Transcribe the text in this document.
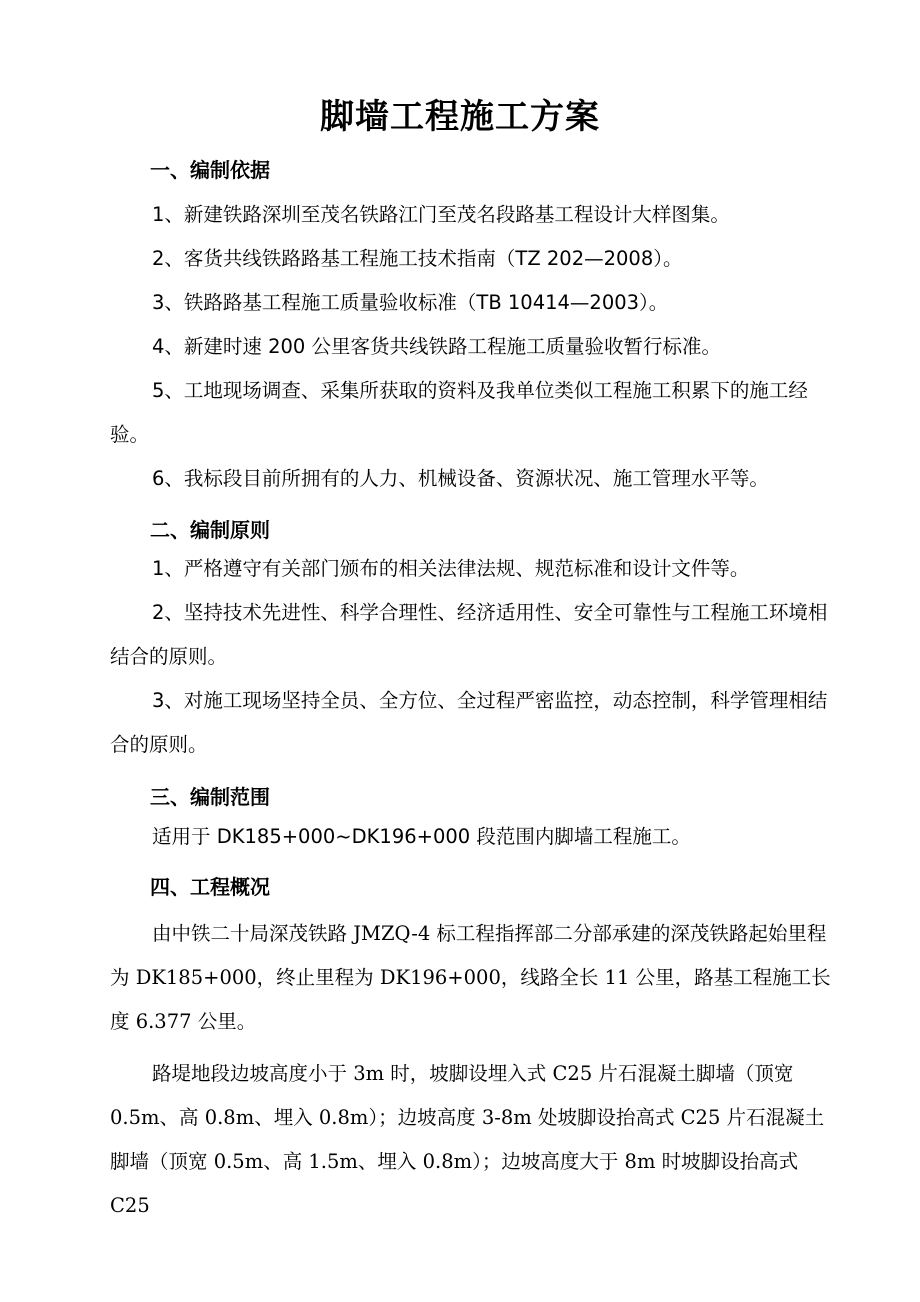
脚墙工程施工方案
一、编制依据
1、新建铁路深圳至茂名铁路江门至茂名段路基工程设计大样图集。
2、客货共线铁路路基工程施工技术指南（TZ 202—2008）。
3、铁路路基工程施工质量验收标准（TB 10414—2003）。
4、新建时速 200 公里客货共线铁路工程施工质量验收暂行标准。
5、工地现场调查、采集所获取的资料及我单位类似工程施工积累下的施工经验。
6、我标段目前所拥有的人力、机械设备、资源状况、施工管理水平等。
二、编制原则
1、严格遵守有关部门颁布的相关法律法规、规范标准和设计文件等。
2、坚持技术先进性、科学合理性、经济适用性、安全可靠性与工程施工环境相结合的原则。
3、对施工现场坚持全员、全方位、全过程严密监控，动态控制，科学管理相结合的原则。
三、编制范围
适用于 DK185+000~DK196+000 段范围内脚墙工程施工。
四、工程概况
由中铁二十局深茂铁路 JMZQ-4 标工程指挥部二分部承建的深茂铁路起始里程为 DK185+000，终止里程为 DK196+000，线路全长 11 公里，路基工程施工长度 6.377 公里。
路堤地段边坡高度小于 3m 时，坡脚设埋入式 C25 片石混凝土脚墙（顶宽 0.5m、高 0.8m、埋入 0.8m）；边坡高度 3-8m 处坡脚设抬高式 C25 片石混凝土脚墙（顶宽 0.5m、高 1.5m、埋入 0.8m）；边坡高度大于 8m 时坡脚设抬高式 C25
